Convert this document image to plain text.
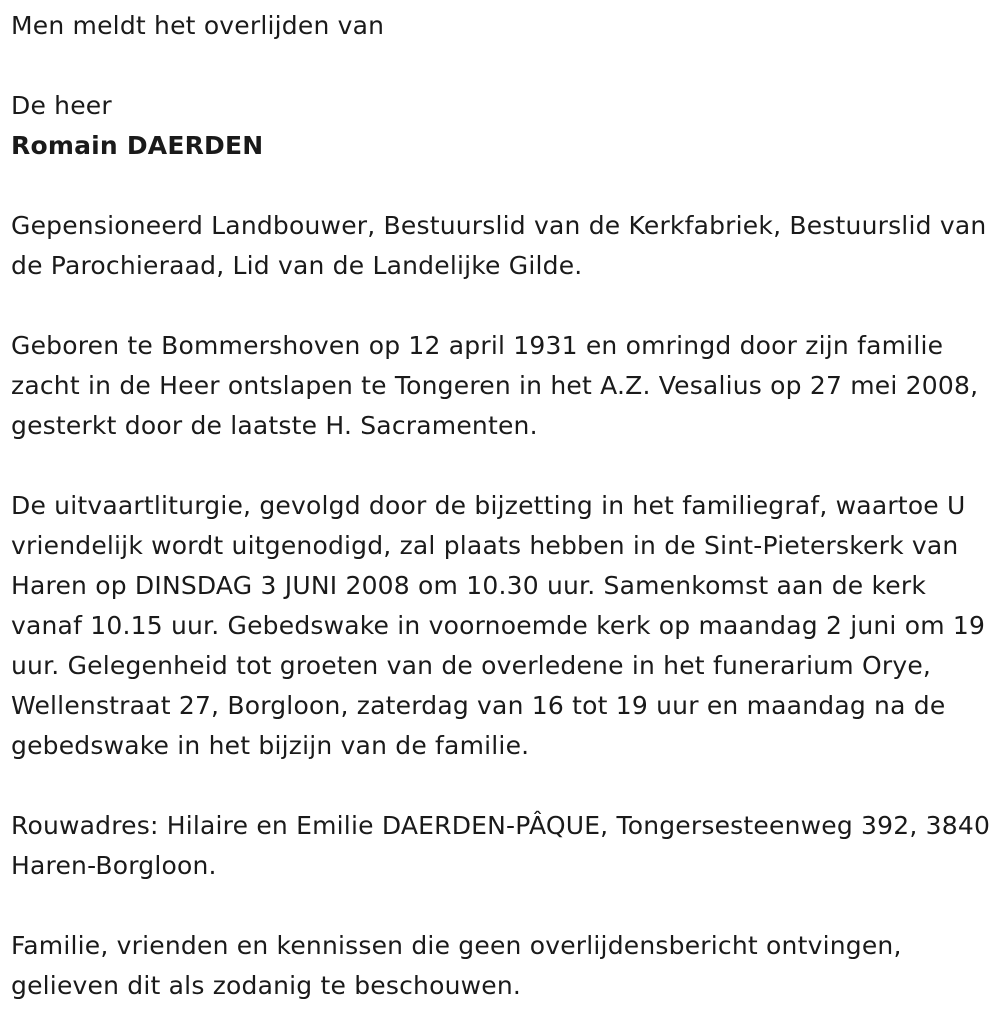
Men meldt het overlijden van

De heer

Romain DAERDEN

Gepensioneerd Landbouwer, Bestuurslid van de Kerkfabriek, Bestuurslid van de Parochieraad, Lid van de Landelijke Gilde.

Geboren te Bommershoven op 12 april 1931 en omringd door zijn familie zacht in de Heer ontslapen te Tongeren in het A.Z. Vesalius op 27 mei 2008, gesterkt door de laatste H. Sacramenten.

De uitvaartliturgie, gevolgd door de bijzetting in het familiegraf, waartoe U vriendelijk wordt uitgenodigd, zal plaats hebben in de Sint-Pieterskerk van Haren op DINSDAG 3 JUNI 2008 om 10.30 uur. Samenkomst aan de kerk vanaf 10.15 uur. Gebedswake in voornoemde kerk op maandag 2 juni om 19 uur. Gelegenheid tot groeten van de overledene in het funerarium Orye, Wellenstraat 27, Borgloon, zaterdag van 16 tot 19 uur en maandag na de gebedswake in het bijzijn van de familie.

Rouwadres: Hilaire en Emilie DAERDEN-PÂQUE, Tongersesteenweg 392, 3840 Haren-Borgloon.

Familie, vrienden en kennissen die geen overlijdensbericht ontvingen, gelieven dit als zodanig te beschouwen.
